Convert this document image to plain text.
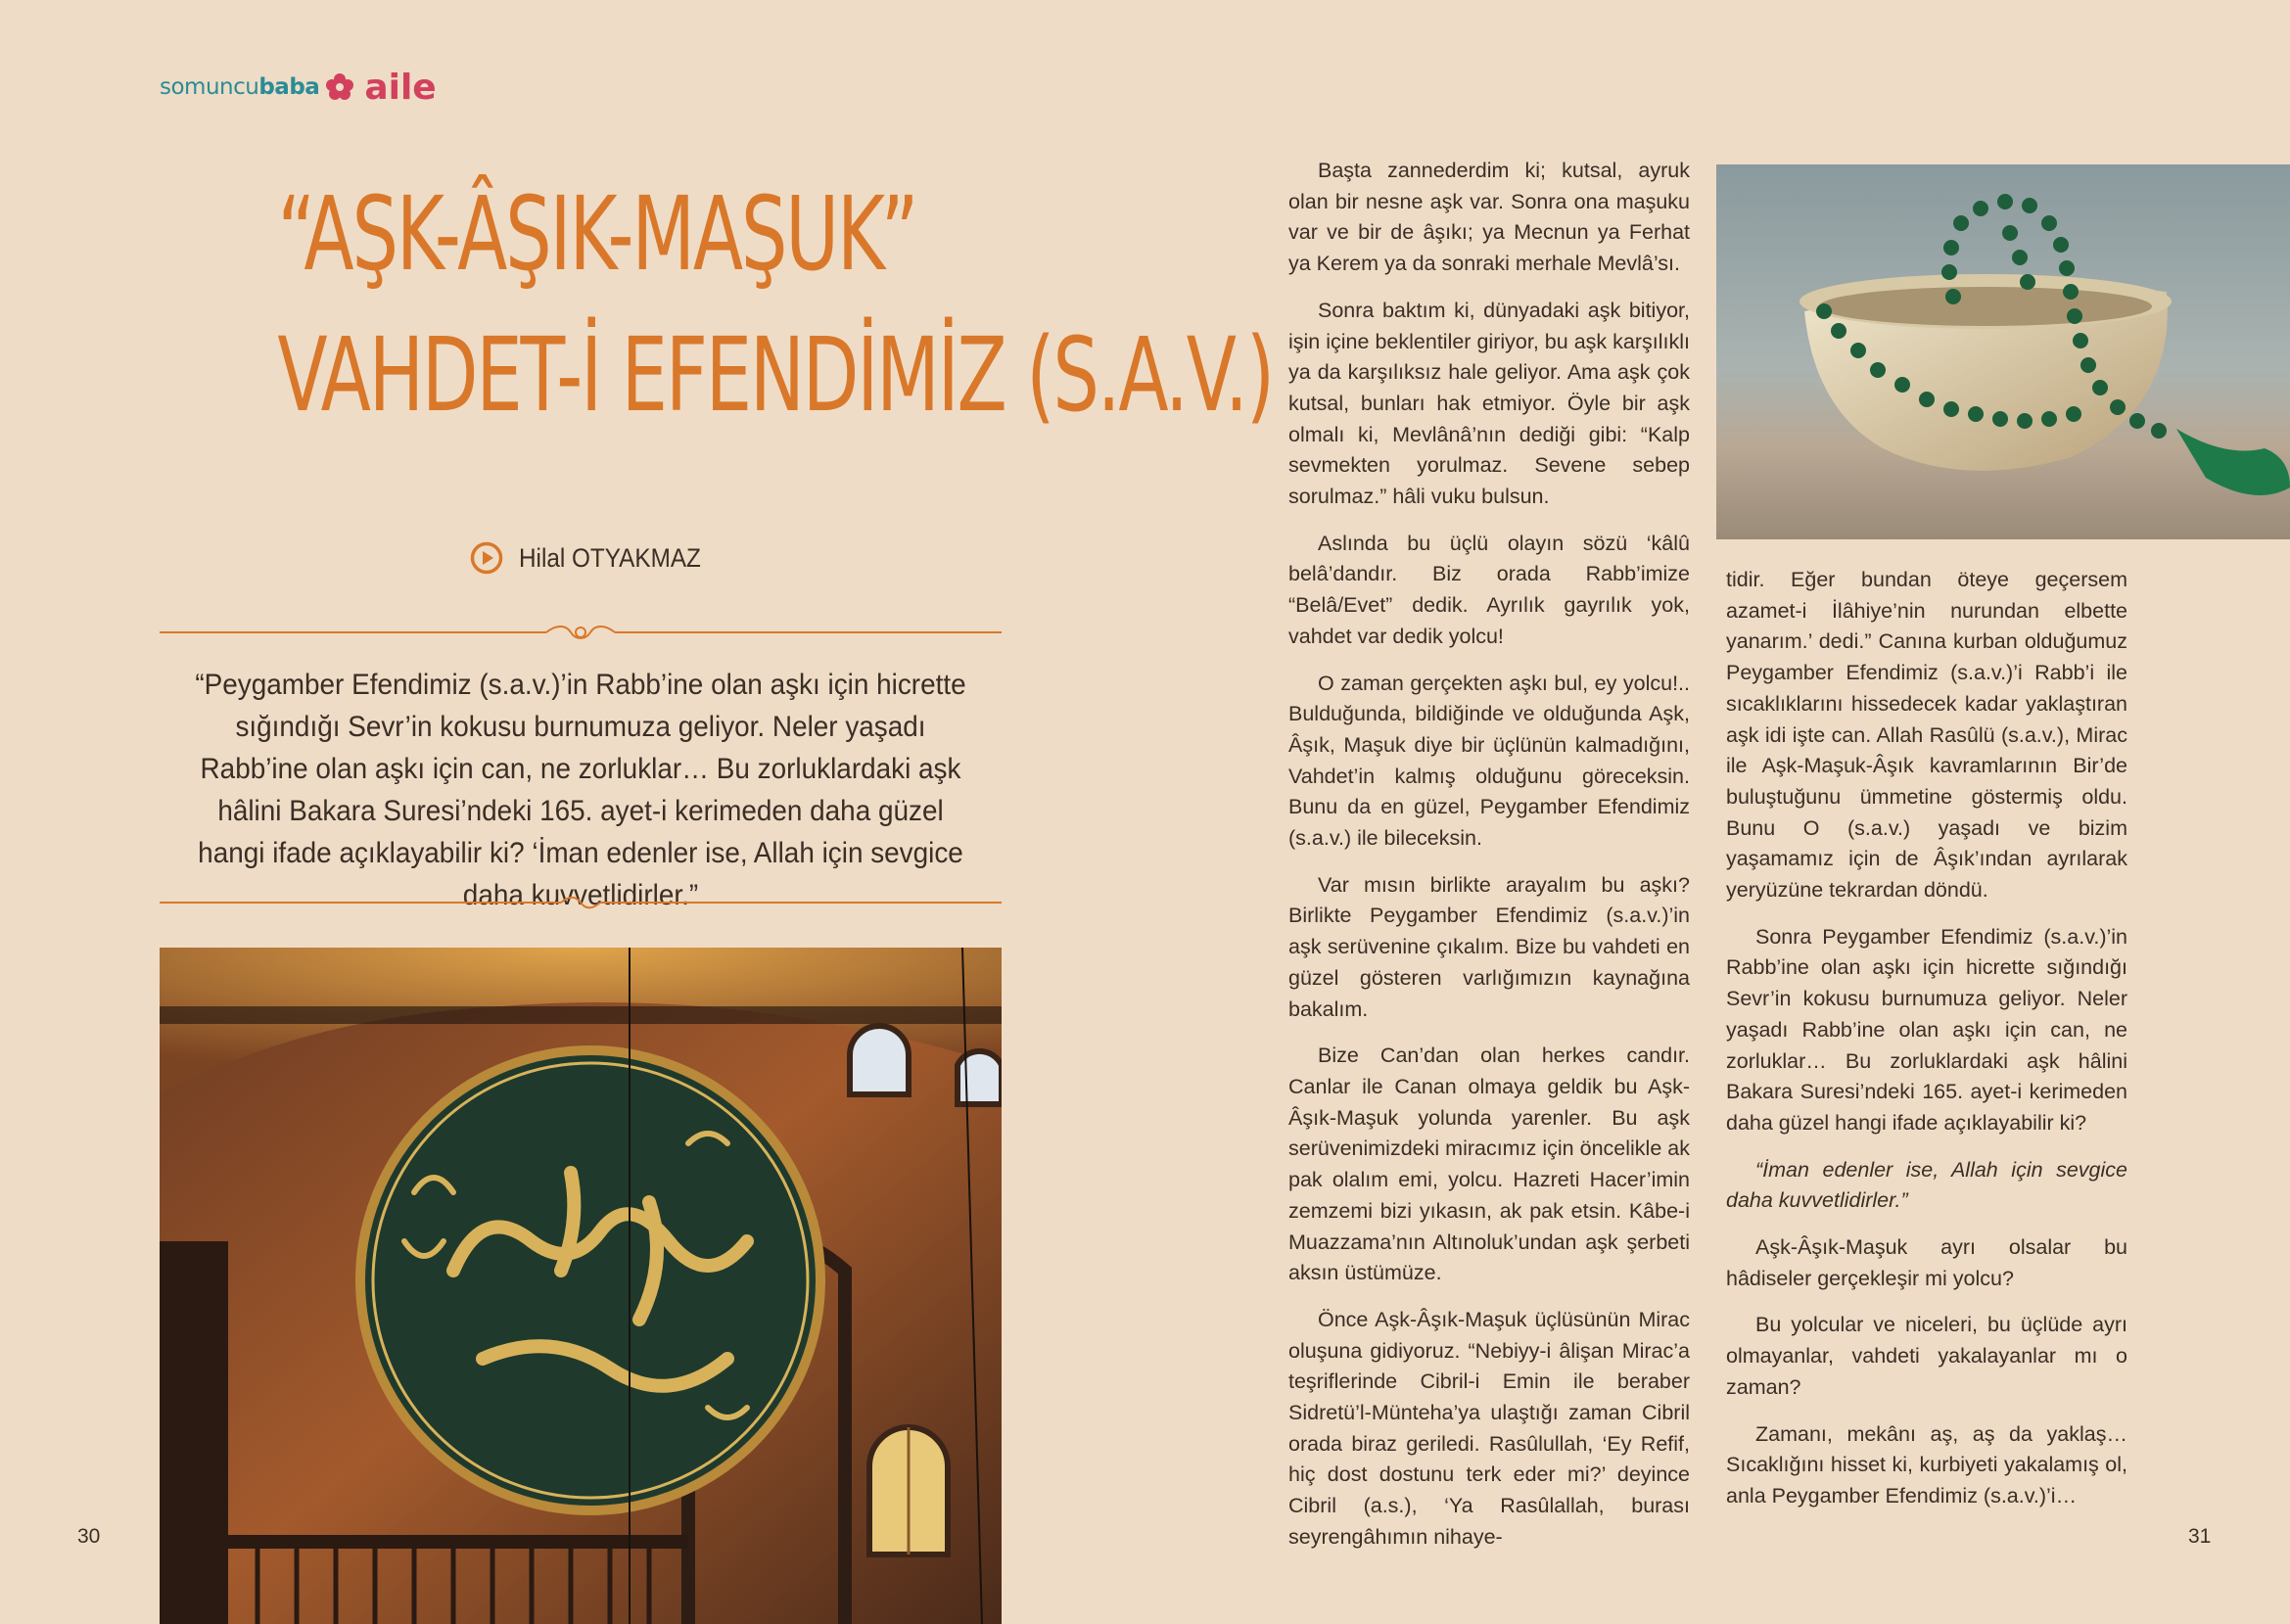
somuncu baba aile
“AŞK-ÂŞIK-MAŞUK”
VAHDET-İ EFENDİMİZ (S.A.V.)
Hilal OTYAKMAZ
“Peygamber Efendimiz (s.a.v.)’in Rabb’ine olan aşkı için hicrette sığındığı Sevr’in kokusu burnumuza geliyor. Neler yaşadı Rabb’ine olan aşkı için can, ne zorluklar… Bu zorluklardaki aşk hâlini Bakara Suresi’ndeki 165. ayet-i kerimeden daha güzel hangi ifade açıklayabilir ki? ‘İman edenler ise, Allah için sevgice daha kuvvetlidirler.”

Başta zannederdim ki; kutsal, ayruk olan bir nesne aşk var. Sonra ona maşuku var ve bir de âşıkı; ya Mecnun ya Ferhat ya Kerem ya da sonraki merhale Mevlâ’sı.

Sonra baktım ki, dünyadaki aşk bitiyor, işin içine beklentiler giriyor, bu aşk karşılıklı ya da karşılıksız hale geliyor. Ama aşk çok kutsal, bunları hak etmiyor. Öyle bir aşk olmalı ki, Mevlânâ’nın dediği gibi: “Kalp sevmekten yorulmaz. Sevene sebep sorulmaz.” hâli vuku bulsun.

Aslında bu üçlü olayın sözü ‘kâlû belâ’dandır. Biz orada Rabb’imize “Belâ/Evet” dedik. Ayrılık gayrılık yok, vahdet var dedik yolcu!

O zaman gerçekten aşkı bul, ey yolcu!.. Bulduğunda, bildiğinde ve olduğunda Aşk, Âşık, Maşuk diye bir üçlünün kalmadığını, Vahdet’in kalmış olduğunu göreceksin. Bunu da en güzel, Peygamber Efendimiz (s.a.v.) ile bileceksin.

Var mısın birlikte arayalım bu aşkı? Birlikte Peygamber Efendimiz (s.a.v.)’in aşk serüvenine çıkalım. Bize bu vahdeti en güzel gösteren varlığımızın kaynağına bakalım.

Bize Can’dan olan herkes candır. Canlar ile Canan olmaya geldik bu Aşk-Âşık-Maşuk yolunda yarenler. Bu aşk serüvenimizdeki miracımız için öncelikle ak pak olalım emi, yolcu. Hazreti Hacer’imin zemzemi bizi yıkasın, ak pak etsin. Kâbe-i Muazzama’nın Altınoluk’undan aşk şerbeti aksın üstümüze.

Önce Aşk-Âşık-Maşuk üçlüsünün Mirac oluşuna gidiyoruz. “Nebiyy-i âlişan Mirac’a teşriflerinde Cibril-i Emin ile beraber Sidretü’l-Münteha’ya ulaştığı zaman Cibril orada biraz geriledi. Rasûlullah, ‘Ey Refif, hiç dost dostunu terk eder mi?’ deyince Cibril (a.s.), ‘Ya Rasûlallah, burası seyrengâhımın nihaye-

tidir. Eğer bundan öteye geçersem azamet-i İlâhiye’nin nurundan elbette yanarım.’ dedi.” Canına kurban olduğumuz Peygamber Efendimiz (s.a.v.)’i Rabb’i ile sıcaklıklarını hissedecek kadar yaklaştıran aşk idi işte can. Allah Rasûlü (s.a.v.), Mirac ile Aşk-Maşuk-Âşık kavramlarının Bir’de buluştuğunu ümmetine göstermiş oldu. Bunu O (s.a.v.) yaşadı ve bizim yaşamamız için de Âşık’ından ayrılarak yeryüzüne tekrardan döndü.

Sonra Peygamber Efendimiz (s.a.v.)’in Rabb’ine olan aşkı için hicrette sığındığı Sevr’in kokusu burnumuza geliyor. Neler yaşadı Rabb’ine olan aşkı için can, ne zorluklar… Bu zorluklardaki aşk hâlini Bakara Suresi’ndeki 165. ayet-i kerimeden daha güzel hangi ifade açıklayabilir ki?

“İman edenler ise, Allah için sevgice daha kuvvetlidirler.”

Aşk-Âşık-Maşuk ayrı olsalar bu hâdiseler gerçekleşir mi yolcu?

Bu yolcular ve niceleri, bu üçlüde ayrı olmayanlar, vahdeti yakalayanlar mı o zaman?

Zamanı, mekânı aş, aş da yaklaş… Sıcaklığını hisset ki, kurbiyeti yakalamış ol, anla Peygamber Efendimiz (s.a.v.)’i…

30	31
